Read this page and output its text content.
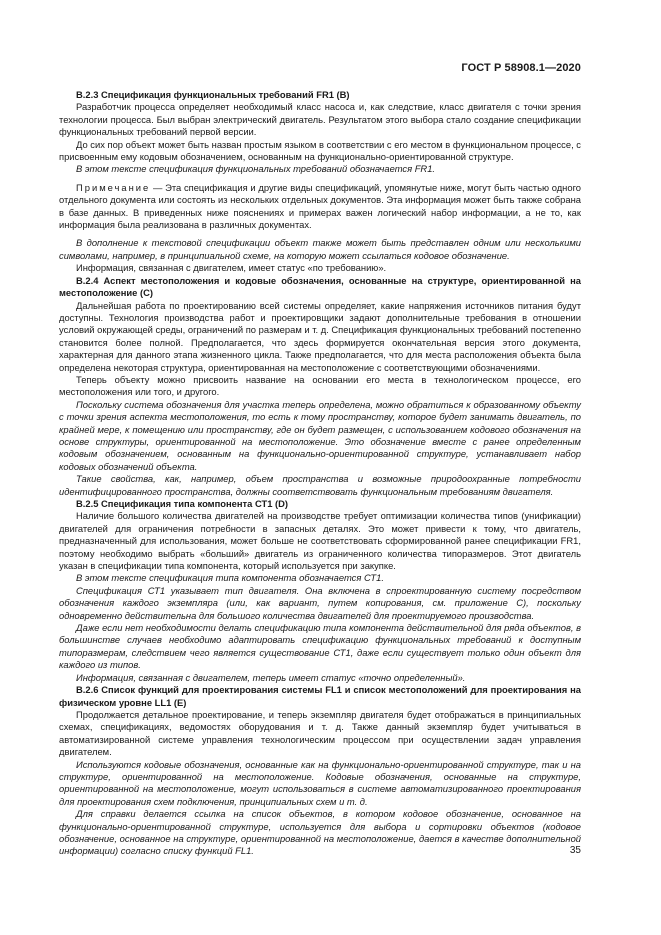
ГОСТ Р 58908.1—2020

В.2.3 Спецификация функциональных требований FR1 (В)

Разработчик процесса определяет необходимый класс насоса и, как следствие, класс двигателя с точки зрения технологии процесса. Был выбран электрический двигатель. Результатом этого выбора стало создание спецификации функциональных требований первой версии.

До сих пор объект может быть назван простым языком в соответствии с его местом в функциональном процессе, с присвоенным ему кодовым обозначением, основанным на функционально-ориентированной структуре.

В этом тексте спецификация функциональных требований обозначается FR1.

Примечание — Эта спецификация и другие виды спецификаций, упомянутые ниже, могут быть частью одного отдельного документа или состоять из нескольких отдельных документов. Эта информация может быть также собрана в базе данных. В приведенных ниже пояснениях и примерах важен логический набор информации, а не то, как информация была реализована в различных документах.

В дополнение к текстовой спецификации объект также может быть представлен одним или несколькими символами, например, в принципиальной схеме, на которую может ссылаться кодовое обозначение.

Информация, связанная с двигателем, имеет статус «по требованию».

В.2.4 Аспект местоположения и кодовые обозначения, основанные на структуре, ориентированной на местоположение (С)

Дальнейшая работа по проектированию всей системы определяет, какие напряжения источников питания будут доступны. Технология производства работ и проектировщики задают дополнительные требования в отношении условий окружающей среды, ограничений по размерам и т. д. Спецификация функциональных требований постепенно становится более полной. Предполагается, что здесь формируется окончательная версия этого документа, характерная для данного этапа жизненного цикла. Также предполагается, что для места расположения объекта была определена некоторая структура, ориентированная на местоположение с соответствующими обозначениями.

Теперь объекту можно присвоить название на основании его места в технологическом процессе, его местоположения или того, и другого.

Поскольку система обозначения для участка теперь определена, можно обратиться к образованному объекту с точки зрения аспекта местоположения, то есть к тому пространству, которое будет занимать двигатель, по крайней мере, к помещению или пространству, где он будет размещен, с использованием кодового обозначения на основе структуры, ориентированной на местоположение. Это обозначение вместе с ранее определенным кодовым обозначением, основанным на функционально-ориентированной структуре, устанавливает набор кодовых обозначений объекта.

Такие свойства, как, например, объем пространства и возможные природоохранные потребности идентифицированного пространства, должны соответствовать функциональным требованиям двигателя.

В.2.5 Спецификация типа компонента СТ1 (D)

Наличие большого количества двигателей на производстве требует оптимизации количества типов (унификации) двигателей для ограничения потребности в запасных деталях. Это может привести к тому, что двигатель, предназначенный для использования, может больше не соответствовать сформированной ранее спецификации FR1, поэтому необходимо выбрать «больший» двигатель из ограниченного количества типоразмеров. Этот двигатель указан в спецификации типа компонента, который используется при закупке.

В этом тексте спецификация типа компонента обозначается СТ1.

Спецификация СТ1 указывает тип двигателя. Она включена в спроектированную систему посредством обозначения каждого экземпляра (или, как вариант, путем копирования, см. приложение С), поскольку одновременно действительна для большого количества двигателей для проектируемого производства.

Даже если нет необходимости делать спецификацию типа компонента действительной для ряда объектов, в большинстве случаев необходимо адаптировать спецификацию функциональных требований к доступным типоразмерам, следствием чего является существование СТ1, даже если существует только один объект для каждого из типов.

Информация, связанная с двигателем, теперь имеет статус «точно определенный».

В.2.6 Список функций для проектирования системы FL1 и список местоположений для проектирования на физическом уровне LL1 (Е)

Продолжается детальное проектирование, и теперь экземпляр двигателя будет отображаться в принципиальных схемах, спецификациях, ведомостях оборудования и т. д. Также данный экземпляр будет учитываться в автоматизированной системе управления технологическим процессом при осуществлении задач управления двигателем.

Используются кодовые обозначения, основанные как на функционально-ориентированной структуре, так и на структуре, ориентированной на местоположение. Кодовые обозначения, основанные на структуре, ориентированной на местоположение, могут использоваться в системе автоматизированного проектирования для проектирования схем подключения, принципиальных схем и т. д.

Для справки делается ссылка на список объектов, в котором кодовое обозначение, основанное на функционально-ориентированной структуре, используется для выбора и сортировки объектов (кодовое обозначение, основанное на структуре, ориентированной на местоположение, дается в качестве дополнительной информации) согласно списку функций FL1.	35
